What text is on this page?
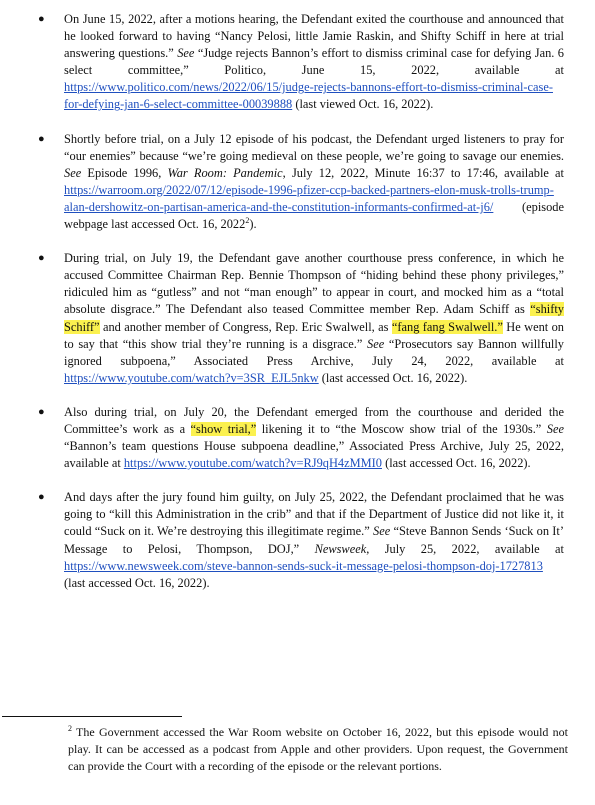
● On June 15, 2022, after a motions hearing, the Defendant exited the courthouse and announced that he looked forward to having “Nancy Pelosi, little Jamie Raskin, and Shifty Schiff in here at trial answering questions.” See “Judge rejects Bannon’s effort to dismiss criminal case for defying Jan. 6 select committee,” Politico, June 15, 2022, available at https://www.politico.com/news/2022/06/15/judge-rejects-bannons-effort-to-dismiss-criminal-case-for-defying-jan-6-select-committee-00039888 (last viewed Oct. 16, 2022).
● Shortly before trial, on a July 12 episode of his podcast, the Defendant urged listeners to pray for “our enemies” because “we’re going medieval on these people, we’re going to savage our enemies. See Episode 1996, War Room: Pandemic, July 12, 2022, Minute 16:37 to 17:46, available at https://warroom.org/2022/07/12/episode-1996-pfizer-ccp-backed-partners-elon-musk-trolls-trump-alan-dershowitz-on-partisan-america-and-the-constitution-informants-confirmed-at-j6/ (episode webpage last accessed Oct. 16, 2022$^2$).
● During trial, on July 19, the Defendant gave another courthouse press conference, in which he accused Committee Chairman Rep. Bennie Thompson of “hiding behind these phony privileges,” ridiculed him as “gutless” and not “man enough” to appear in court, and mocked him as a “total absolute disgrace.” The Defendant also teased Committee member Rep. Adam Schiff as “shifty Schiff” and another member of Congress, Rep. Eric Swalwell, as “fang fang Swalwell.” He went on to say that “this show trial they’re running is a disgrace.” See “Prosecutors say Bannon willfully ignored subpoena,” Associated Press Archive, July 24, 2022, available at https://www.youtube.com/watch?v=3SR_EJL5nkw (last accessed Oct. 16, 2022).
● Also during trial, on July 20, the Defendant emerged from the courthouse and derided the Committee’s work as a “show trial,” likening it to “the Moscow show trial of the 1930s.” See “Bannon’s team questions House subpoena deadline,” Associated Press Archive, July 25, 2022, available at https://www.youtube.com/watch?v=RJ9qH4zMMI0 (last accessed Oct. 16, 2022).
● And days after the jury found him guilty, on July 25, 2022, the Defendant proclaimed that he was going to “kill this Administration in the crib” and that if the Department of Justice did not like it, it could “Suck on it. We’re destroying this illegitimate regime.” See “Steve Bannon Sends ‘Suck on It’ Message to Pelosi, Thompson, DOJ,” Newsweek, July 25, 2022, available at https://www.newsweek.com/steve-bannon-sends-suck-it-message-pelosi-thompson-doj-1727813 (last accessed Oct. 16, 2022).
$^2$ The Government accessed the War Room website on October 16, 2022, but this episode would not play. It can be accessed as a podcast from Apple and other providers. Upon request, the Government can provide the Court with a recording of the episode or the relevant portions.
